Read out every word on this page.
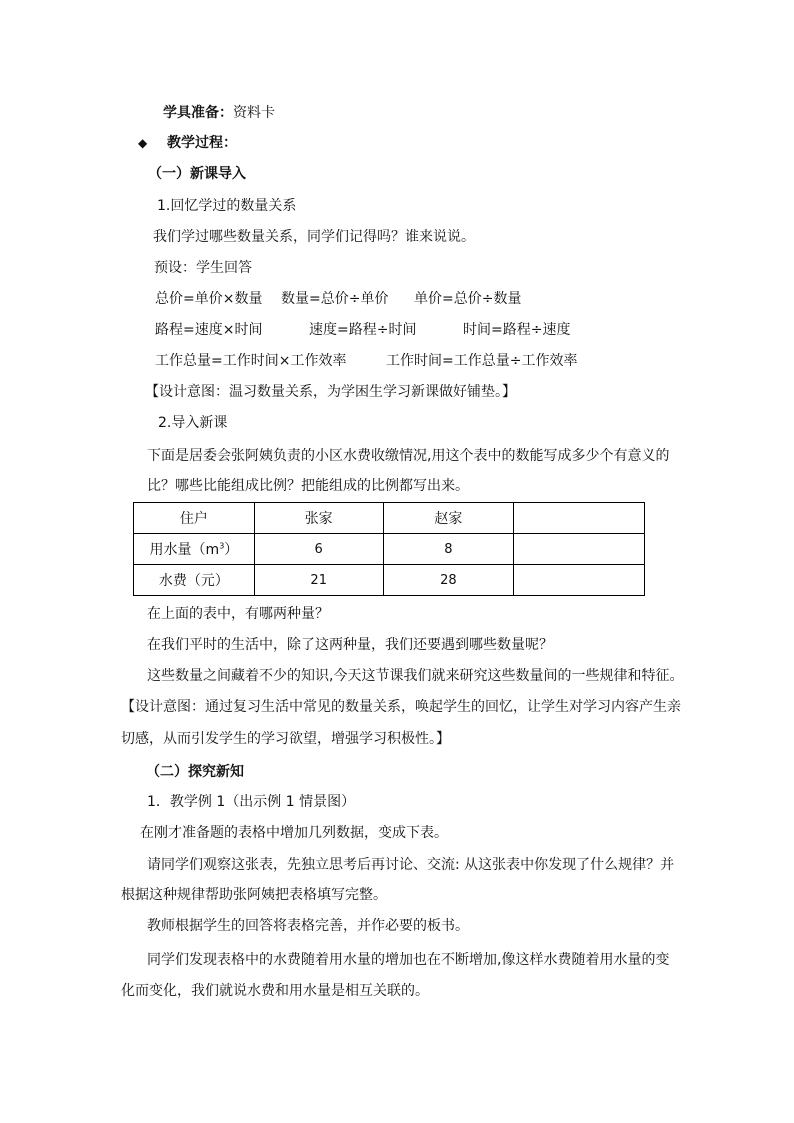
学具准备：资料卡
◆ 教学过程：
（一）新课导入
1.回忆学过的数量关系
我们学过哪些数量关系，同学们记得吗？谁来说说。
预设：学生回答
总价=单价×数量 数量=总价÷单价 单价=总价÷数量
路程=速度×时间	速度=路程÷时间	时间=路程÷速度
工作总量=工作时间×工作效率	工作时间=工作总量÷工作效率
【设计意图：温习数量关系，为学困生学习新课做好铺垫。】
2.导入新课
下面是居委会张阿姨负责的小区水费收缴情况,用这个表中的数能写成多少个有意义的
比？哪些比能组成比例？把能组成的比例都写出来。
住户	张家	赵家	
用水量$(m^3)$	6	8	
水费（元）	21	28	
在上面的表中，有哪两种量？
在我们平时的生活中，除了这两种量，我们还要遇到哪些数量呢？
这些数量之间藏着不少的知识,今天这节课我们就来研究这些数量间的一些规律和特征。
【设计意图：通过复习生活中常见的数量关系，唤起学生的回忆，让学生对学习内容产生亲
切感，从而引发学生的学习欲望，增强学习积极性。】
（二）探究新知
1．教学例 1（出示例 1 情景图）
在刚才准备题的表格中增加几列数据，变成下表。
请同学们观察这张表，先独立思考后再讨论、交流: 从这张表中你发现了什么规律？并
根据这种规律帮助张阿姨把表格填写完整。
教师根据学生的回答将表格完善，并作必要的板书。
同学们发现表格中的水费随着用水量的增加也在不断增加,像这样水费随着用水量的变
化而变化，我们就说水费和用水量是相互关联的。
